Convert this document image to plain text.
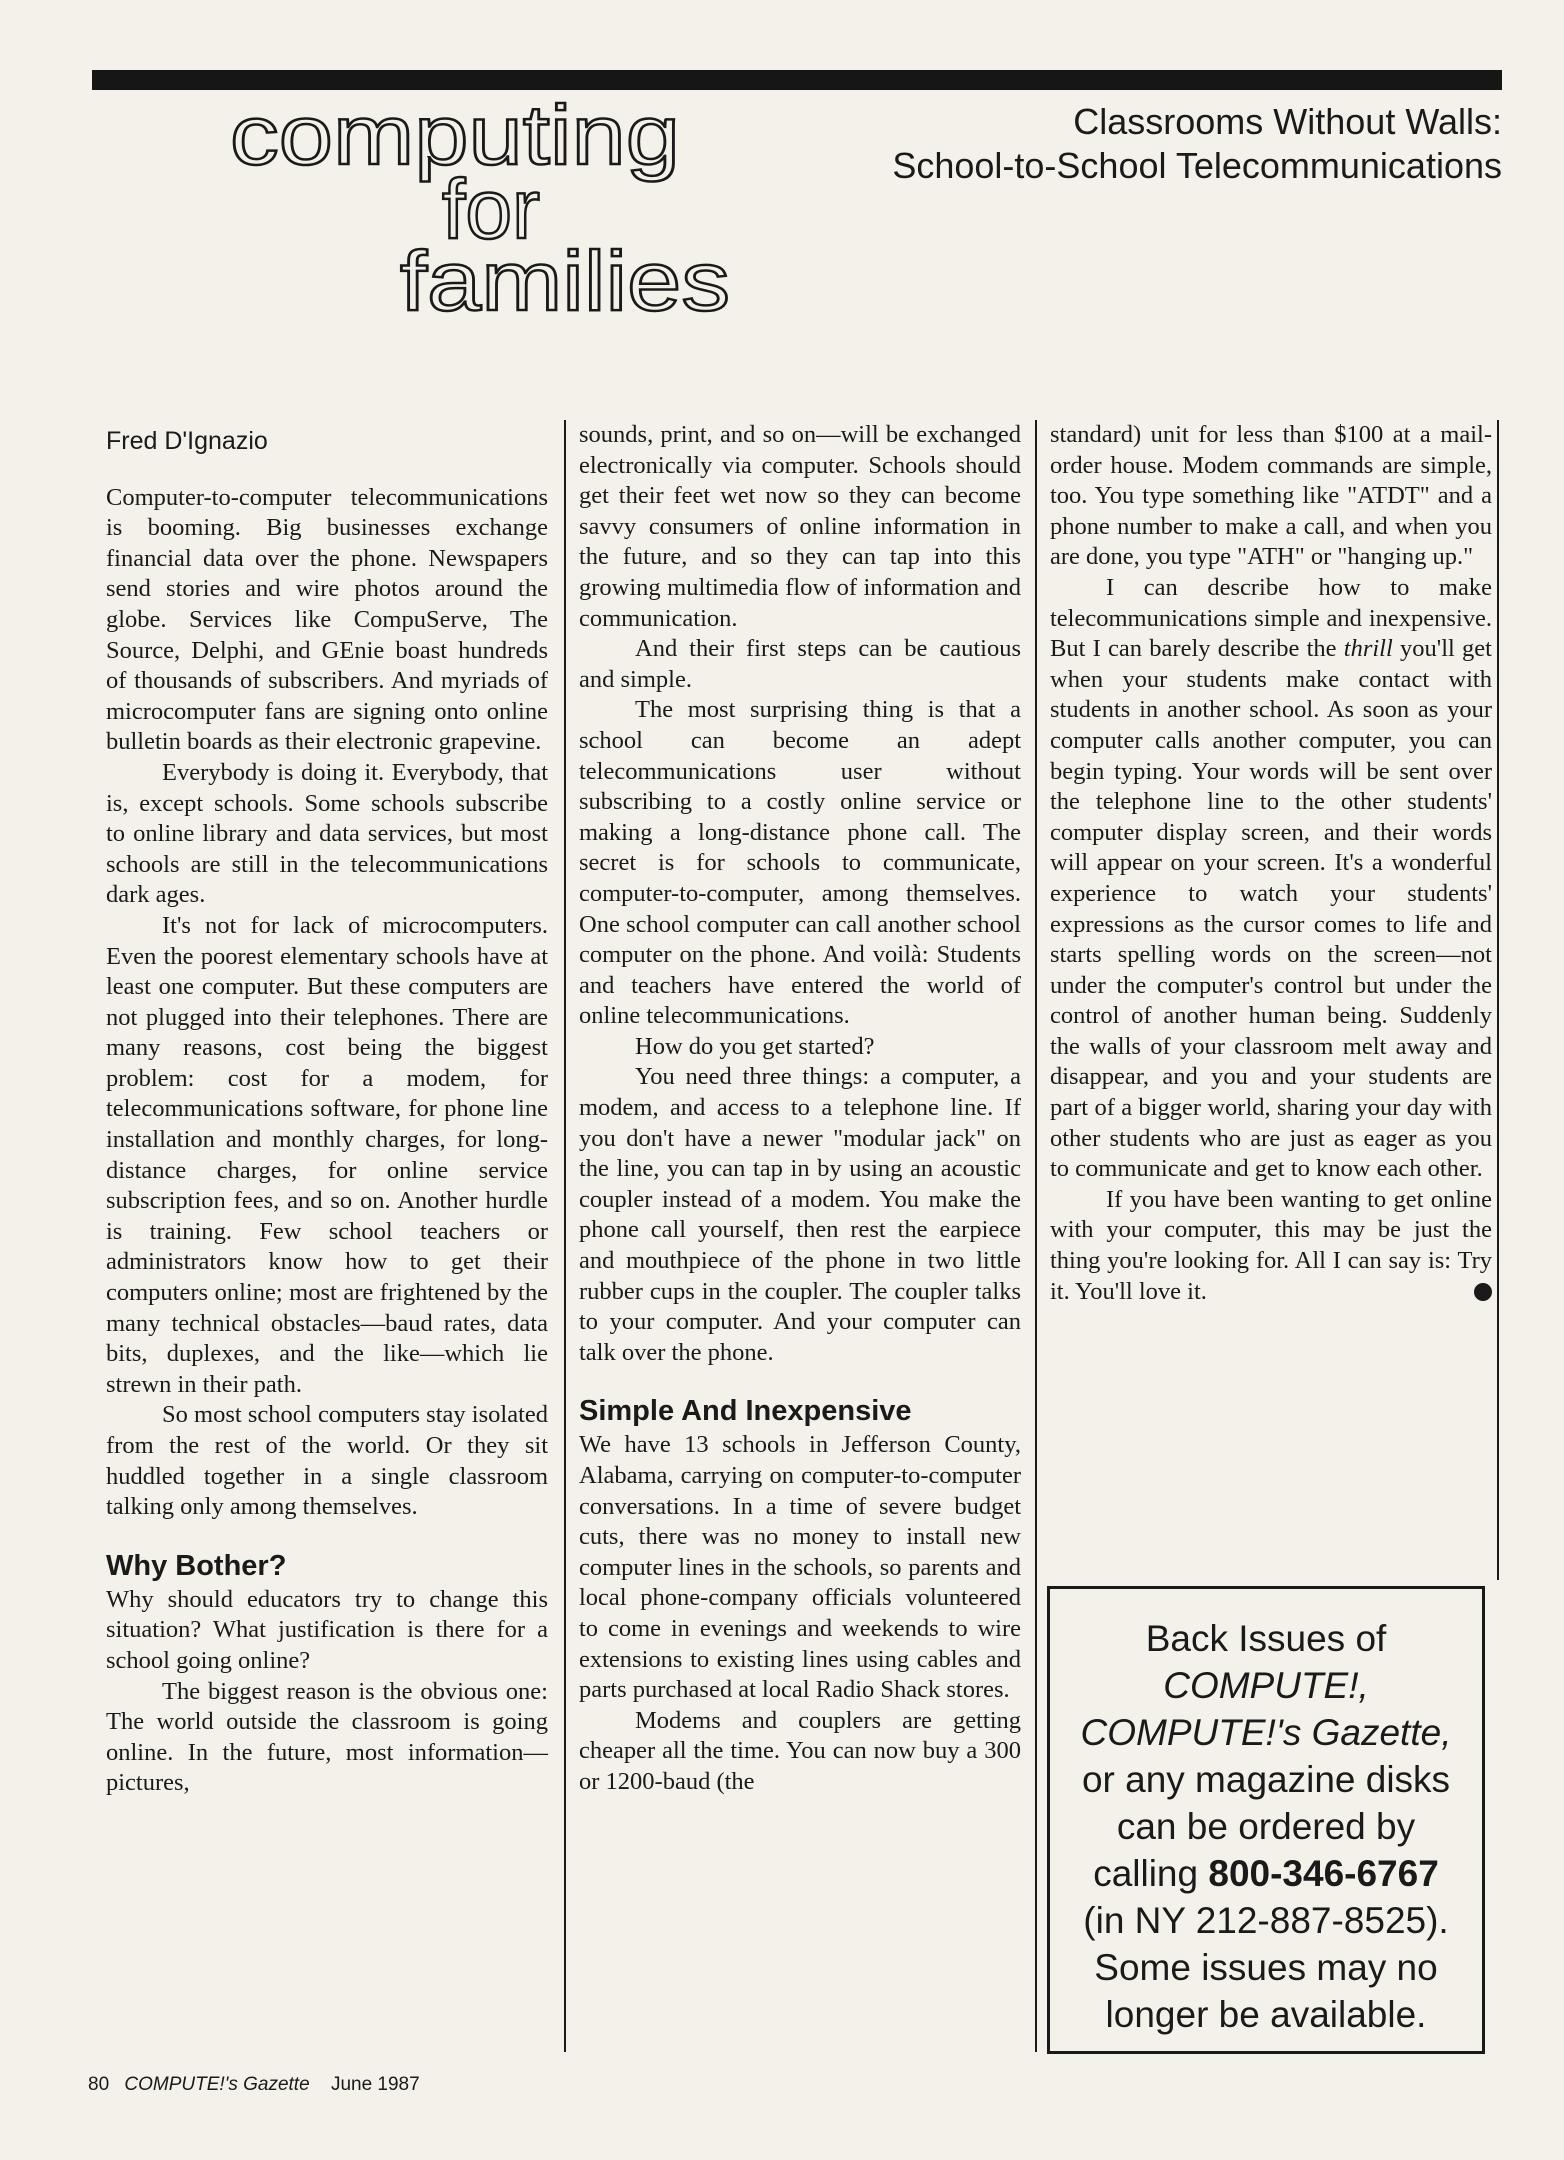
computing
for
families
Classrooms Without Walls:
School-to-School Telecommunications

Fred D'Ignazio

Computer-to-computer telecommunications is booming. Big businesses exchange financial data over the phone. Newspapers send stories and wire photos around the globe. Services like CompuServe, The Source, Delphi, and GEnie boast hundreds of thousands of subscribers. And myriads of microcomputer fans are signing onto online bulletin boards as their electronic grapevine.

Everybody is doing it. Everybody, that is, except schools. Some schools subscribe to online library and data services, but most schools are still in the telecommunications dark ages.

It's not for lack of microcomputers. Even the poorest elementary schools have at least one computer. But these computers are not plugged into their telephones. There are many reasons, cost being the biggest problem: cost for a modem, for telecommunications software, for phone line installation and monthly charges, for long-distance charges, for online service subscription fees, and so on. Another hurdle is training. Few school teachers or administrators know how to get their computers online; most are frightened by the many technical obstacles—baud rates, data bits, duplexes, and the like—which lie strewn in their path.

So most school computers stay isolated from the rest of the world. Or they sit huddled together in a single classroom talking only among themselves.

Why Bother?

Why should educators try to change this situation? What justification is there for a school going online?

The biggest reason is the obvious one: The world outside the classroom is going online. In the future, most information—pictures,

sounds, print, and so on—will be exchanged electronically via computer. Schools should get their feet wet now so they can become savvy consumers of online information in the future, and so they can tap into this growing multimedia flow of information and communication.

And their first steps can be cautious and simple.

The most surprising thing is that a school can become an adept telecommunications user without subscribing to a costly online service or making a long-distance phone call. The secret is for schools to communicate, computer-to-computer, among themselves. One school computer can call another school computer on the phone. And voilà: Students and teachers have entered the world of online telecommunications.

How do you get started?

You need three things: a computer, a modem, and access to a telephone line. If you don't have a newer "modular jack" on the line, you can tap in by using an acoustic coupler instead of a modem. You make the phone call yourself, then rest the earpiece and mouthpiece of the phone in two little rubber cups in the coupler. The coupler talks to your computer. And your computer can talk over the phone.

Simple And Inexpensive

We have 13 schools in Jefferson County, Alabama, carrying on computer-to-computer conversations. In a time of severe budget cuts, there was no money to install new computer lines in the schools, so parents and local phone-company officials volunteered to come in evenings and weekends to wire extensions to existing lines using cables and parts purchased at local Radio Shack stores.

Modems and couplers are getting cheaper all the time. You can now buy a 300 or 1200-baud (the

standard) unit for less than $100 at a mail-order house. Modem commands are simple, too. You type something like "ATDT" and a phone number to make a call, and when you are done, you type "ATH" or "hanging up."

I can describe how to make telecommunications simple and inexpensive. But I can barely describe the thrill you'll get when your students make contact with students in another school. As soon as your computer calls another computer, you can begin typing. Your words will be sent over the telephone line to the other students' computer display screen, and their words will appear on your screen. It's a wonderful experience to watch your students' expressions as the cursor comes to life and starts spelling words on the screen—not under the computer's control but under the control of another human being. Suddenly the walls of your classroom melt away and disappear, and you and your students are part of a bigger world, sharing your day with other students who are just as eager as you to communicate and get to know each other.

If you have been wanting to get online with your computer, this may be just the thing you're looking for. All I can say is: Try it. You'll love it.

Back Issues of
COMPUTE!,
COMPUTE!'s Gazette,
or any magazine disks
can be ordered by
calling 800-346-6767
(in NY 212-887-8525).
Some issues may no
longer be available.
80 COMPUTE!'s Gazette June 1987
